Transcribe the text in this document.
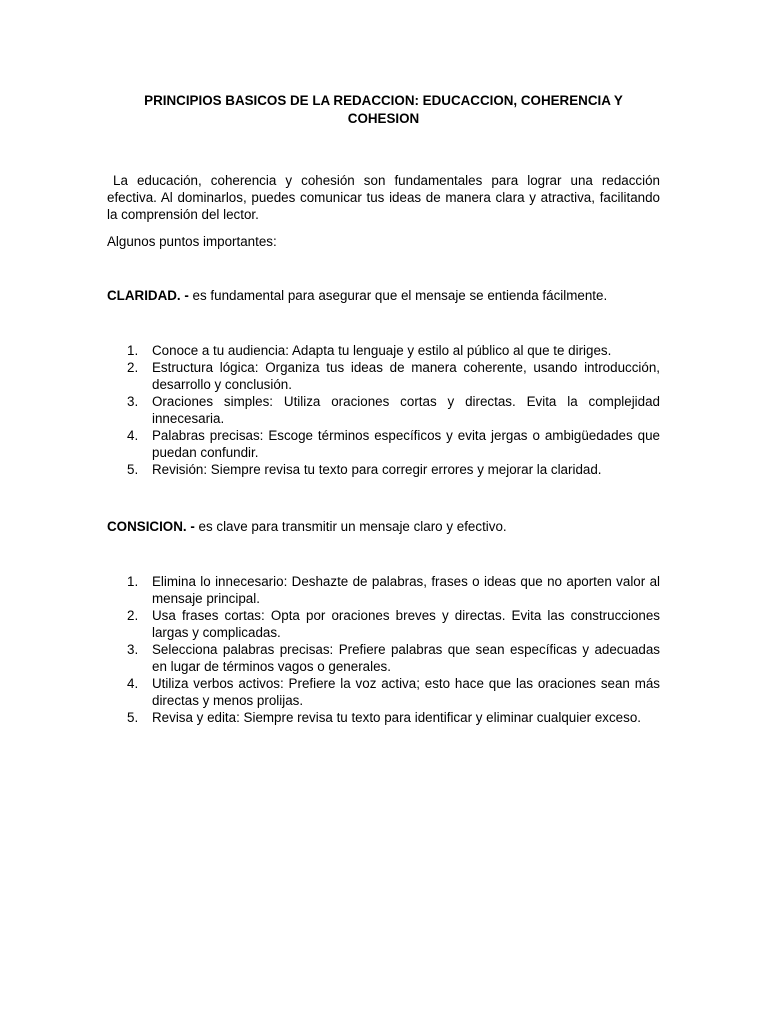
PRINCIPIOS BASICOS DE LA REDACCION: EDUCACCION, COHERENCIA Y COHESION

La educación, coherencia y cohesión son fundamentales para lograr una redacción efectiva. Al dominarlos, puedes comunicar tus ideas de manera clara y atractiva, facilitando la comprensión del lector.

Algunos puntos importantes:

CLARIDAD. - es fundamental para asegurar que el mensaje se entienda fácilmente.

1. Conoce a tu audiencia: Adapta tu lenguaje y estilo al público al que te diriges.
2. Estructura lógica: Organiza tus ideas de manera coherente, usando introducción, desarrollo y conclusión.
3. Oraciones simples: Utiliza oraciones cortas y directas. Evita la complejidad innecesaria.
4. Palabras precisas: Escoge términos específicos y evita jergas o ambigüedades que puedan confundir.
5. Revisión: Siempre revisa tu texto para corregir errores y mejorar la claridad.

CONSICION. - es clave para transmitir un mensaje claro y efectivo.

1. Elimina lo innecesario: Deshazte de palabras, frases o ideas que no aporten valor al mensaje principal.
2. Usa frases cortas: Opta por oraciones breves y directas. Evita las construcciones largas y complicadas.
3. Selecciona palabras precisas: Prefiere palabras que sean específicas y adecuadas en lugar de términos vagos o generales.
4. Utiliza verbos activos: Prefiere la voz activa; esto hace que las oraciones sean más directas y menos prolijas.
5. Revisa y edita: Siempre revisa tu texto para identificar y eliminar cualquier exceso.
